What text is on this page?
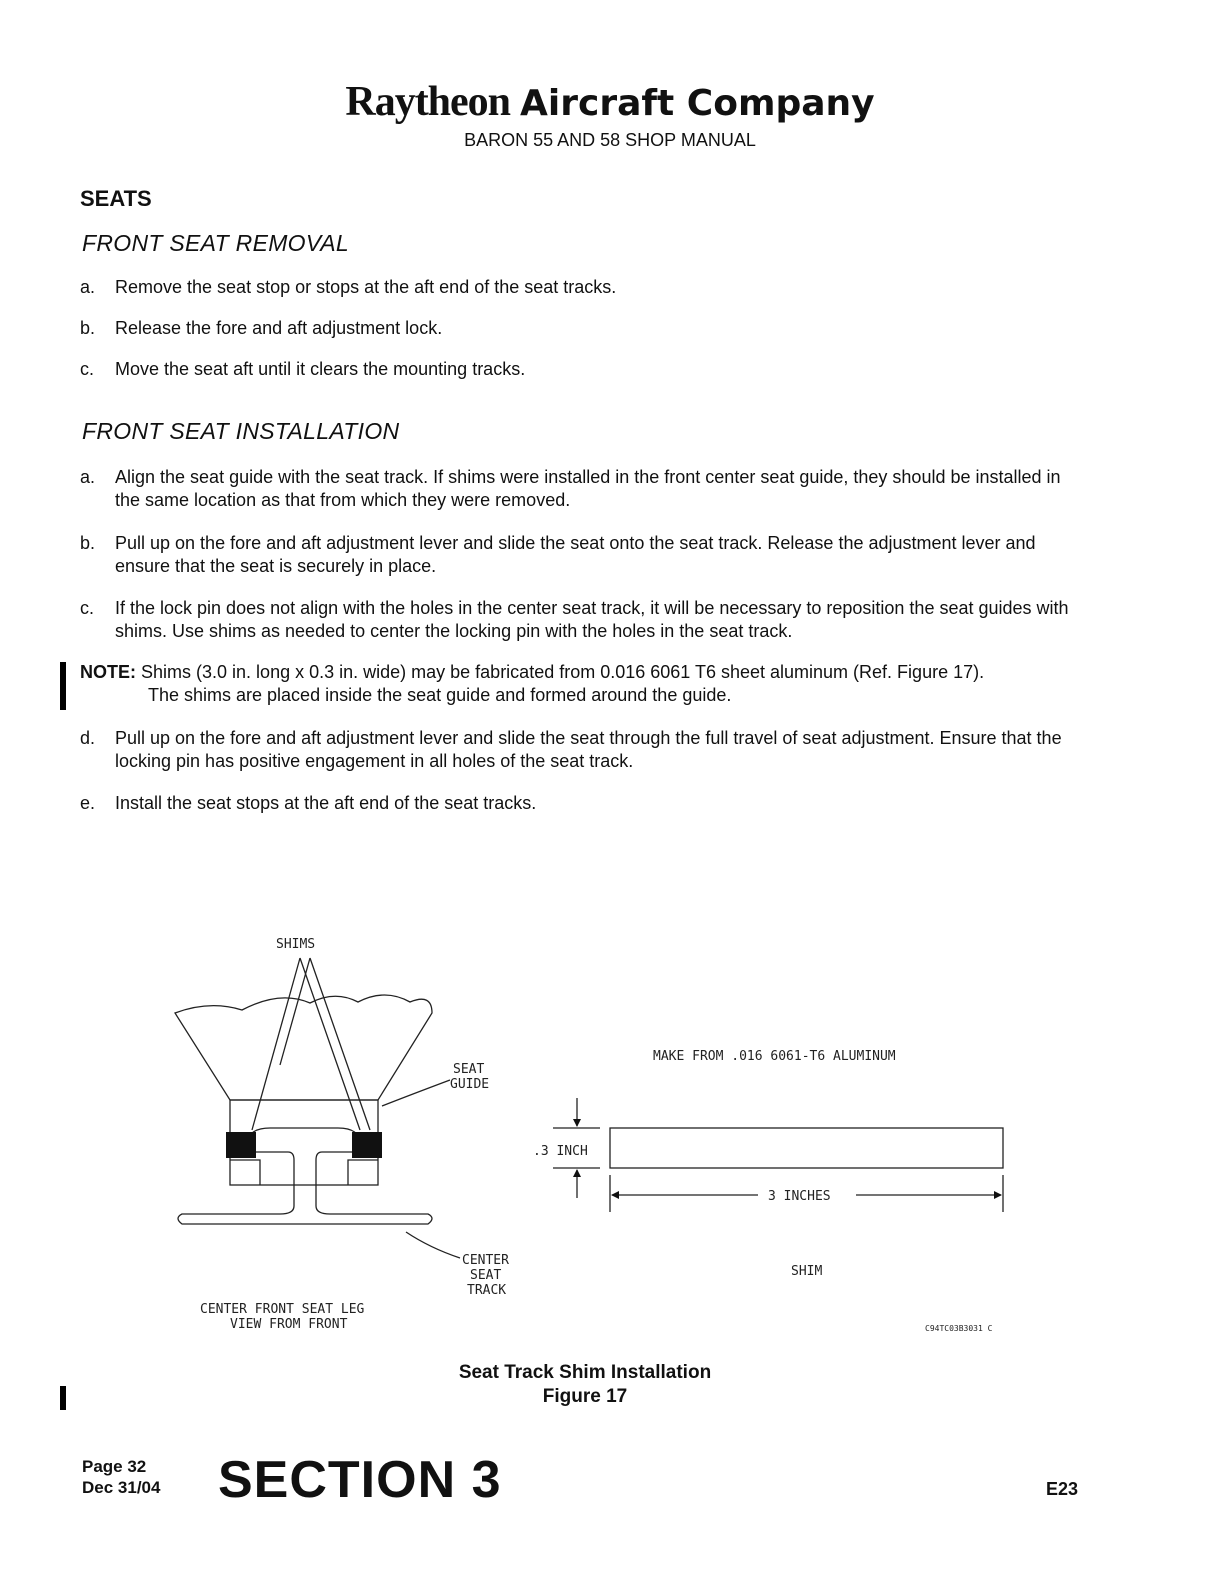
Raytheon Aircraft Company
BARON 55 AND 58 SHOP MANUAL
SEATS
FRONT SEAT REMOVAL
a.	Remove the seat stop or stops at the aft end of the seat tracks.
b.	Release the fore and aft adjustment lock.
c.	Move the seat aft until it clears the mounting tracks.
FRONT SEAT INSTALLATION
a.	Align the seat guide with the seat track. If shims were installed in the front center seat guide, they should be installed in the same location as that from which they were removed.
b.	Pull up on the fore and aft adjustment lever and slide the seat onto the seat track. Release the adjustment lever and ensure that the seat is securely in place.
c.	If the lock pin does not align with the holes in the center seat track, it will be necessary to reposition the seat guides with shims. Use shims as needed to center the locking pin with the holes in the seat track.
NOTE: Shims (3.0 in. long x 0.3 in. wide) may be fabricated from 0.016 6061 T6 sheet aluminum (Ref. Figure 17).
The shims are placed inside the seat guide and formed around the guide.
d.	Pull up on the fore and aft adjustment lever and slide the seat through the full travel of seat adjustment. Ensure that the locking pin has positive engagement in all holes of the seat track.
e.	Install the seat stops at the aft end of the seat tracks.
SHIMS
SEAT
GUIDE
CENTER
SEAT
TRACK
CENTER FRONT SEAT LEG
VIEW FROM FRONT
MAKE FROM .016 6061-T6 ALUMINUM
.3 INCH
3 INCHES
SHIM
C94TC03B3031 C
Seat Track Shim Installation
Figure 17
Page 32
Dec 31/04 SECTION 3	E23
